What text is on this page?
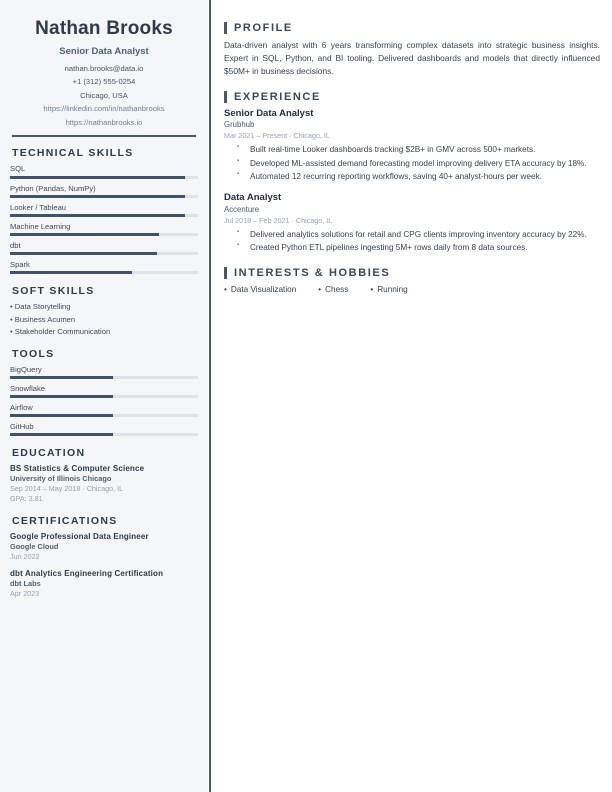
Nathan Brooks
Senior Data Analyst
nathan.brooks@data.io
+1 (312) 555-0254
Chicago, USA
https://linkedin.com/in/nathanbrooks
https://nathanbrooks.io
TECHNICAL SKILLS
SQL
Python (Pandas, NumPy)
Looker / Tableau
Machine Learning
dbt
Spark
SOFT SKILLS
• Data Storytelling
• Business Acumen
• Stakeholder Communication
TOOLS
BigQuery
Snowflake
Airflow
GitHub
EDUCATION
BS Statistics & Computer Science
University of Illinois Chicago
Sep 2014 – May 2018 · Chicago, IL
GPA: 3.81
CERTIFICATIONS
Google Professional Data Engineer
Google Cloud
Jun 2022
dbt Analytics Engineering Certification
dbt Labs
Apr 2023
PROFILE
Data-driven analyst with 6 years transforming complex datasets into strategic business insights. Expert in SQL, Python, and BI tooling. Delivered dashboards and models that directly influenced $50M+ in business decisions.
EXPERIENCE
Senior Data Analyst
Grubhub
Mar 2021 – Present · Chicago, IL
▪ Built real-time Looker dashboards tracking $2B+ in GMV across 500+ markets.
▪ Developed ML-assisted demand forecasting model improving delivery ETA accuracy by 18%.
▪ Automated 12 recurring reporting workflows, saving 40+ analyst-hours per week.
Data Analyst
Accenture
Jul 2018 – Feb 2021 · Chicago, IL
▪ Delivered analytics solutions for retail and CPG clients improving inventory accuracy by 22%.
▪ Created Python ETL pipelines ingesting 5M+ rows daily from 8 data sources.
INTERESTS & HOBBIES
• Data Visualization	• Chess	• Running
